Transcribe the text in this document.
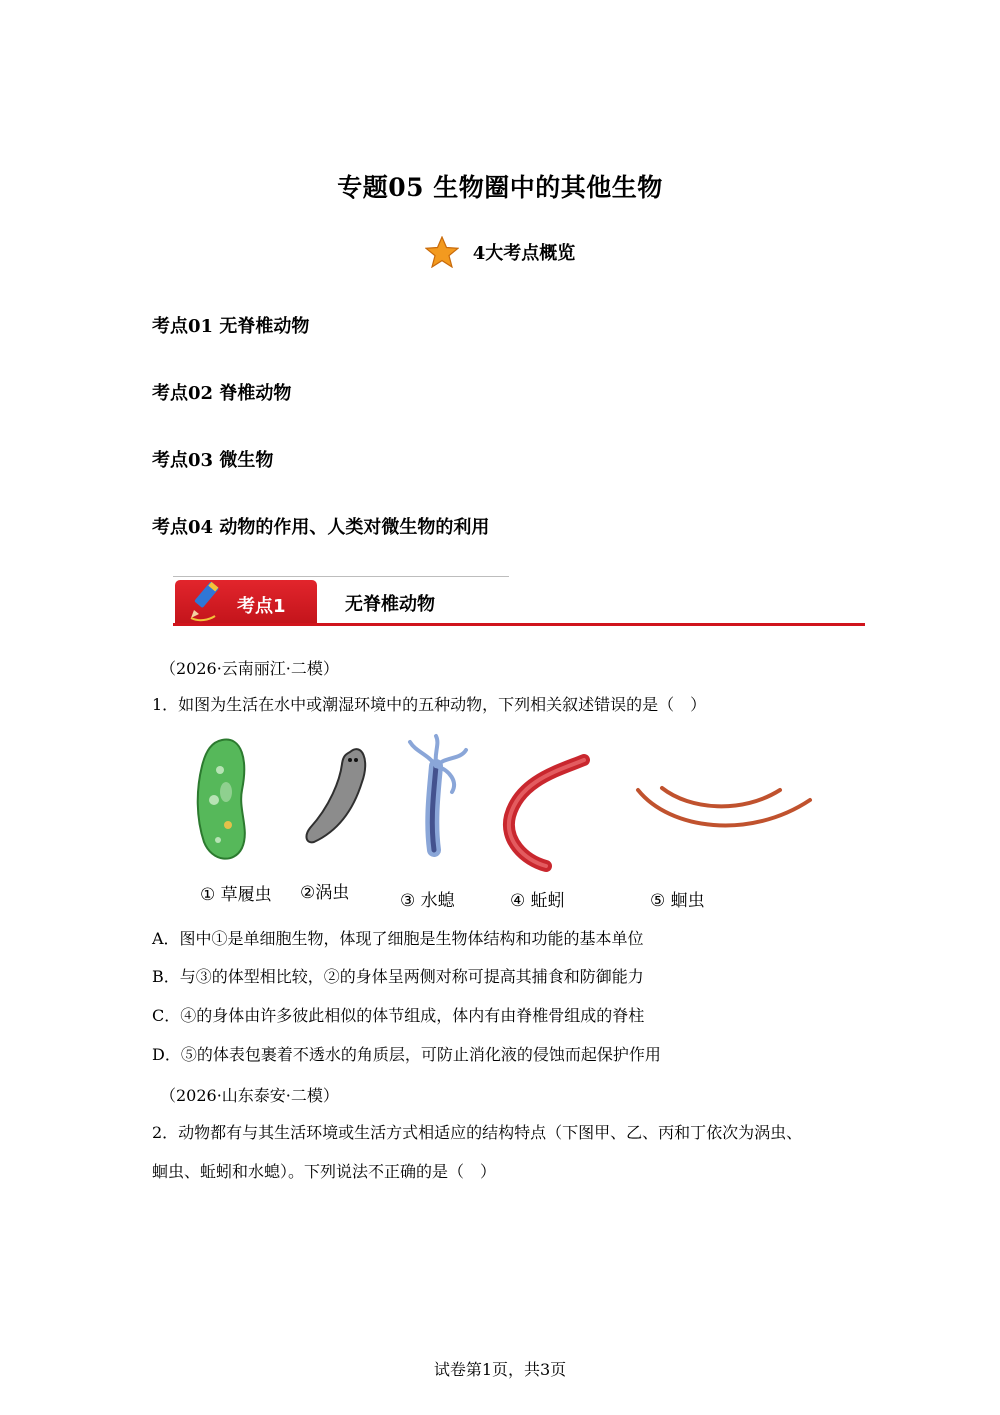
专题05 生物圈中的其他生物
4大考点概览
考点01 无脊椎动物
考点02 脊椎动物
考点03 微生物
考点04 动物的作用、人类对微生物的利用
考点1	无脊椎动物
（2026·云南丽江·二模）
1．如图为生活在水中或潮湿环境中的五种动物，下列相关叙述错误的是（　）
① 草履虫 ②涡虫	③ 水螅	④ 蚯蚓	⑤ 蛔虫
A．图中①是单细胞生物，体现了细胞是生物体结构和功能的基本单位
B．与③的体型相比较，②的身体呈两侧对称可提高其捕食和防御能力
C．④的身体由许多彼此相似的体节组成，体内有由脊椎骨组成的脊柱
D．⑤的体表包裹着不透水的角质层，可防止消化液的侵蚀而起保护作用
（2026·山东泰安·二模）
2．动物都有与其生活环境或生活方式相适应的结构特点（下图甲、乙、丙和丁依次为涡虫、
蛔虫、蚯蚓和水螅）。下列说法不正确的是（　）
试卷第1页，共3页
